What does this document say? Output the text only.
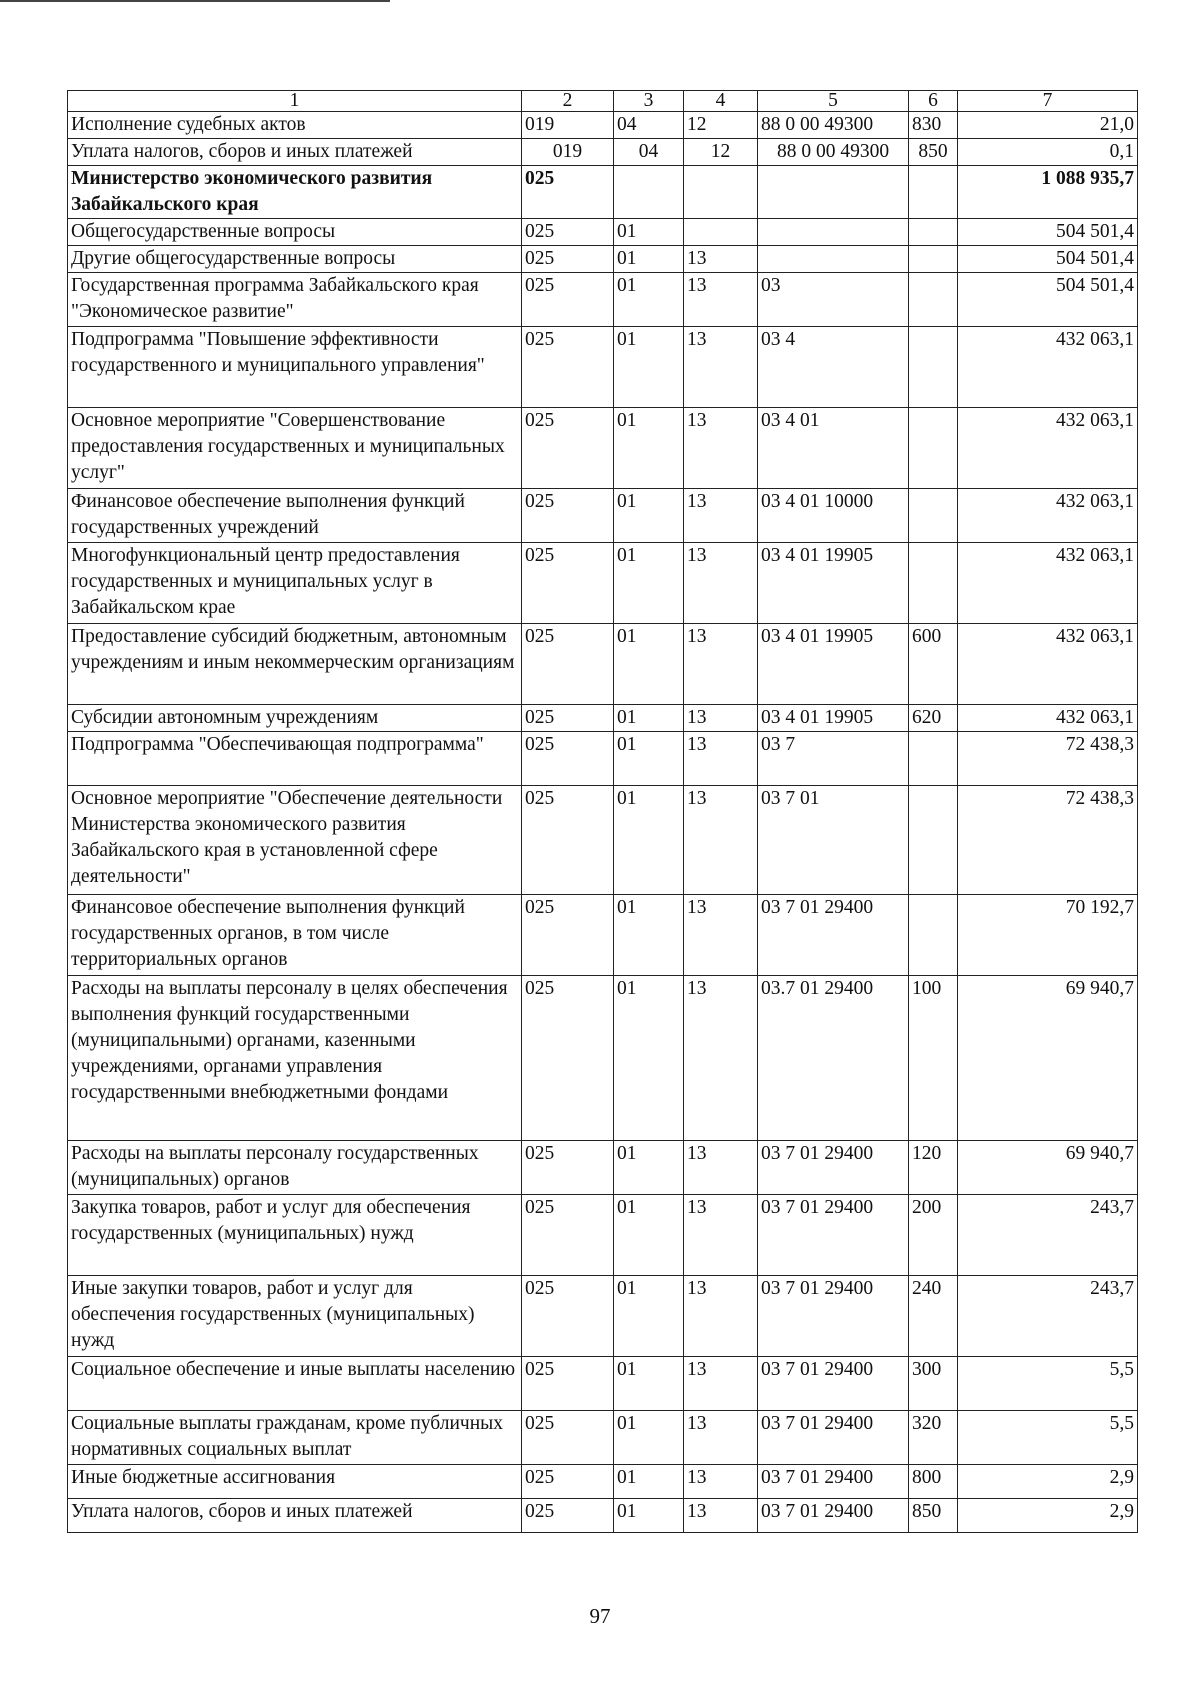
1	2	3	4	5	6	7
Исполнение судебных актов	019	04	12	88 0 00 49300	830	21,0
Уплата налогов, сборов и иных платежей	019	04	12	88 0 00 49300	850	0,1
Министерство экономического развития Забайкальского края	025					1 088 935,7
Общегосударственные вопросы	025	01				504 501,4
Другие общегосударственные вопросы	025	01	13			504 501,4
Государственная программа Забайкальского края "Экономическое развитие"	025	01	13	03		504 501,4
Подпрограмма "Повышение эффективности государственного и муниципального управления"	025	01	13	03 4		432 063,1
Основное мероприятие "Совершенствование предоставления государственных и муниципальных услуг"	025	01	13	03 4 01		432 063,1
Финансовое обеспечение выполнения функций государственных учреждений	025	01	13	03 4 01 10000		432 063,1
Многофункциональный центр предоставления государственных и муниципальных услуг в Забайкальском крае	025	01	13	03 4 01 19905		432 063,1
Предоставление субсидий бюджетным, автономным учреждениям и иным некоммерческим организациям	025	01	13	03 4 01 19905	600	432 063,1
Субсидии автономным учреждениям	025	01	13	03 4 01 19905	620	432 063,1
Подпрограмма "Обеспечивающая подпрограмма"	025	01	13	03 7		72 438,3
Основное мероприятие "Обеспечение деятельности Министерства экономического развития Забайкальского края в установленной сфере деятельности"	025	01	13	03 7 01		72 438,3
Финансовое обеспечение выполнения функций государственных органов, в том числе территориальных органов	025	01	13	03 7 01 29400		70 192,7
Расходы на выплаты персоналу в целях обеспечения выполнения функций государственными (муниципальными) органами, казенными учреждениями, органами управления государственными внебюджетными фондами	025	01	13	03.7 01 29400	100	69 940,7
Расходы на выплаты персоналу государственных (муниципальных) органов	025	01	13	03 7 01 29400	120	69 940,7
Закупка товаров, работ и услуг для обеспечения государственных (муниципальных) нужд	025	01	13	03 7 01 29400	200	243,7
Иные закупки товаров, работ и услуг для обеспечения государственных (муниципальных) нужд	025	01	13	03 7 01 29400	240	243,7
Социальное обеспечение и иные выплаты населению	025	01	13	03 7 01 29400	300	5,5
Социальные выплаты гражданам, кроме публичных нормативных социальных выплат	025	01	13	03 7 01 29400	320	5,5
Иные бюджетные ассигнования	025	01	13	03 7 01 29400	800	2,9
Уплата налогов, сборов и иных платежей	025	01	13	03 7 01 29400	850	2,9
97
